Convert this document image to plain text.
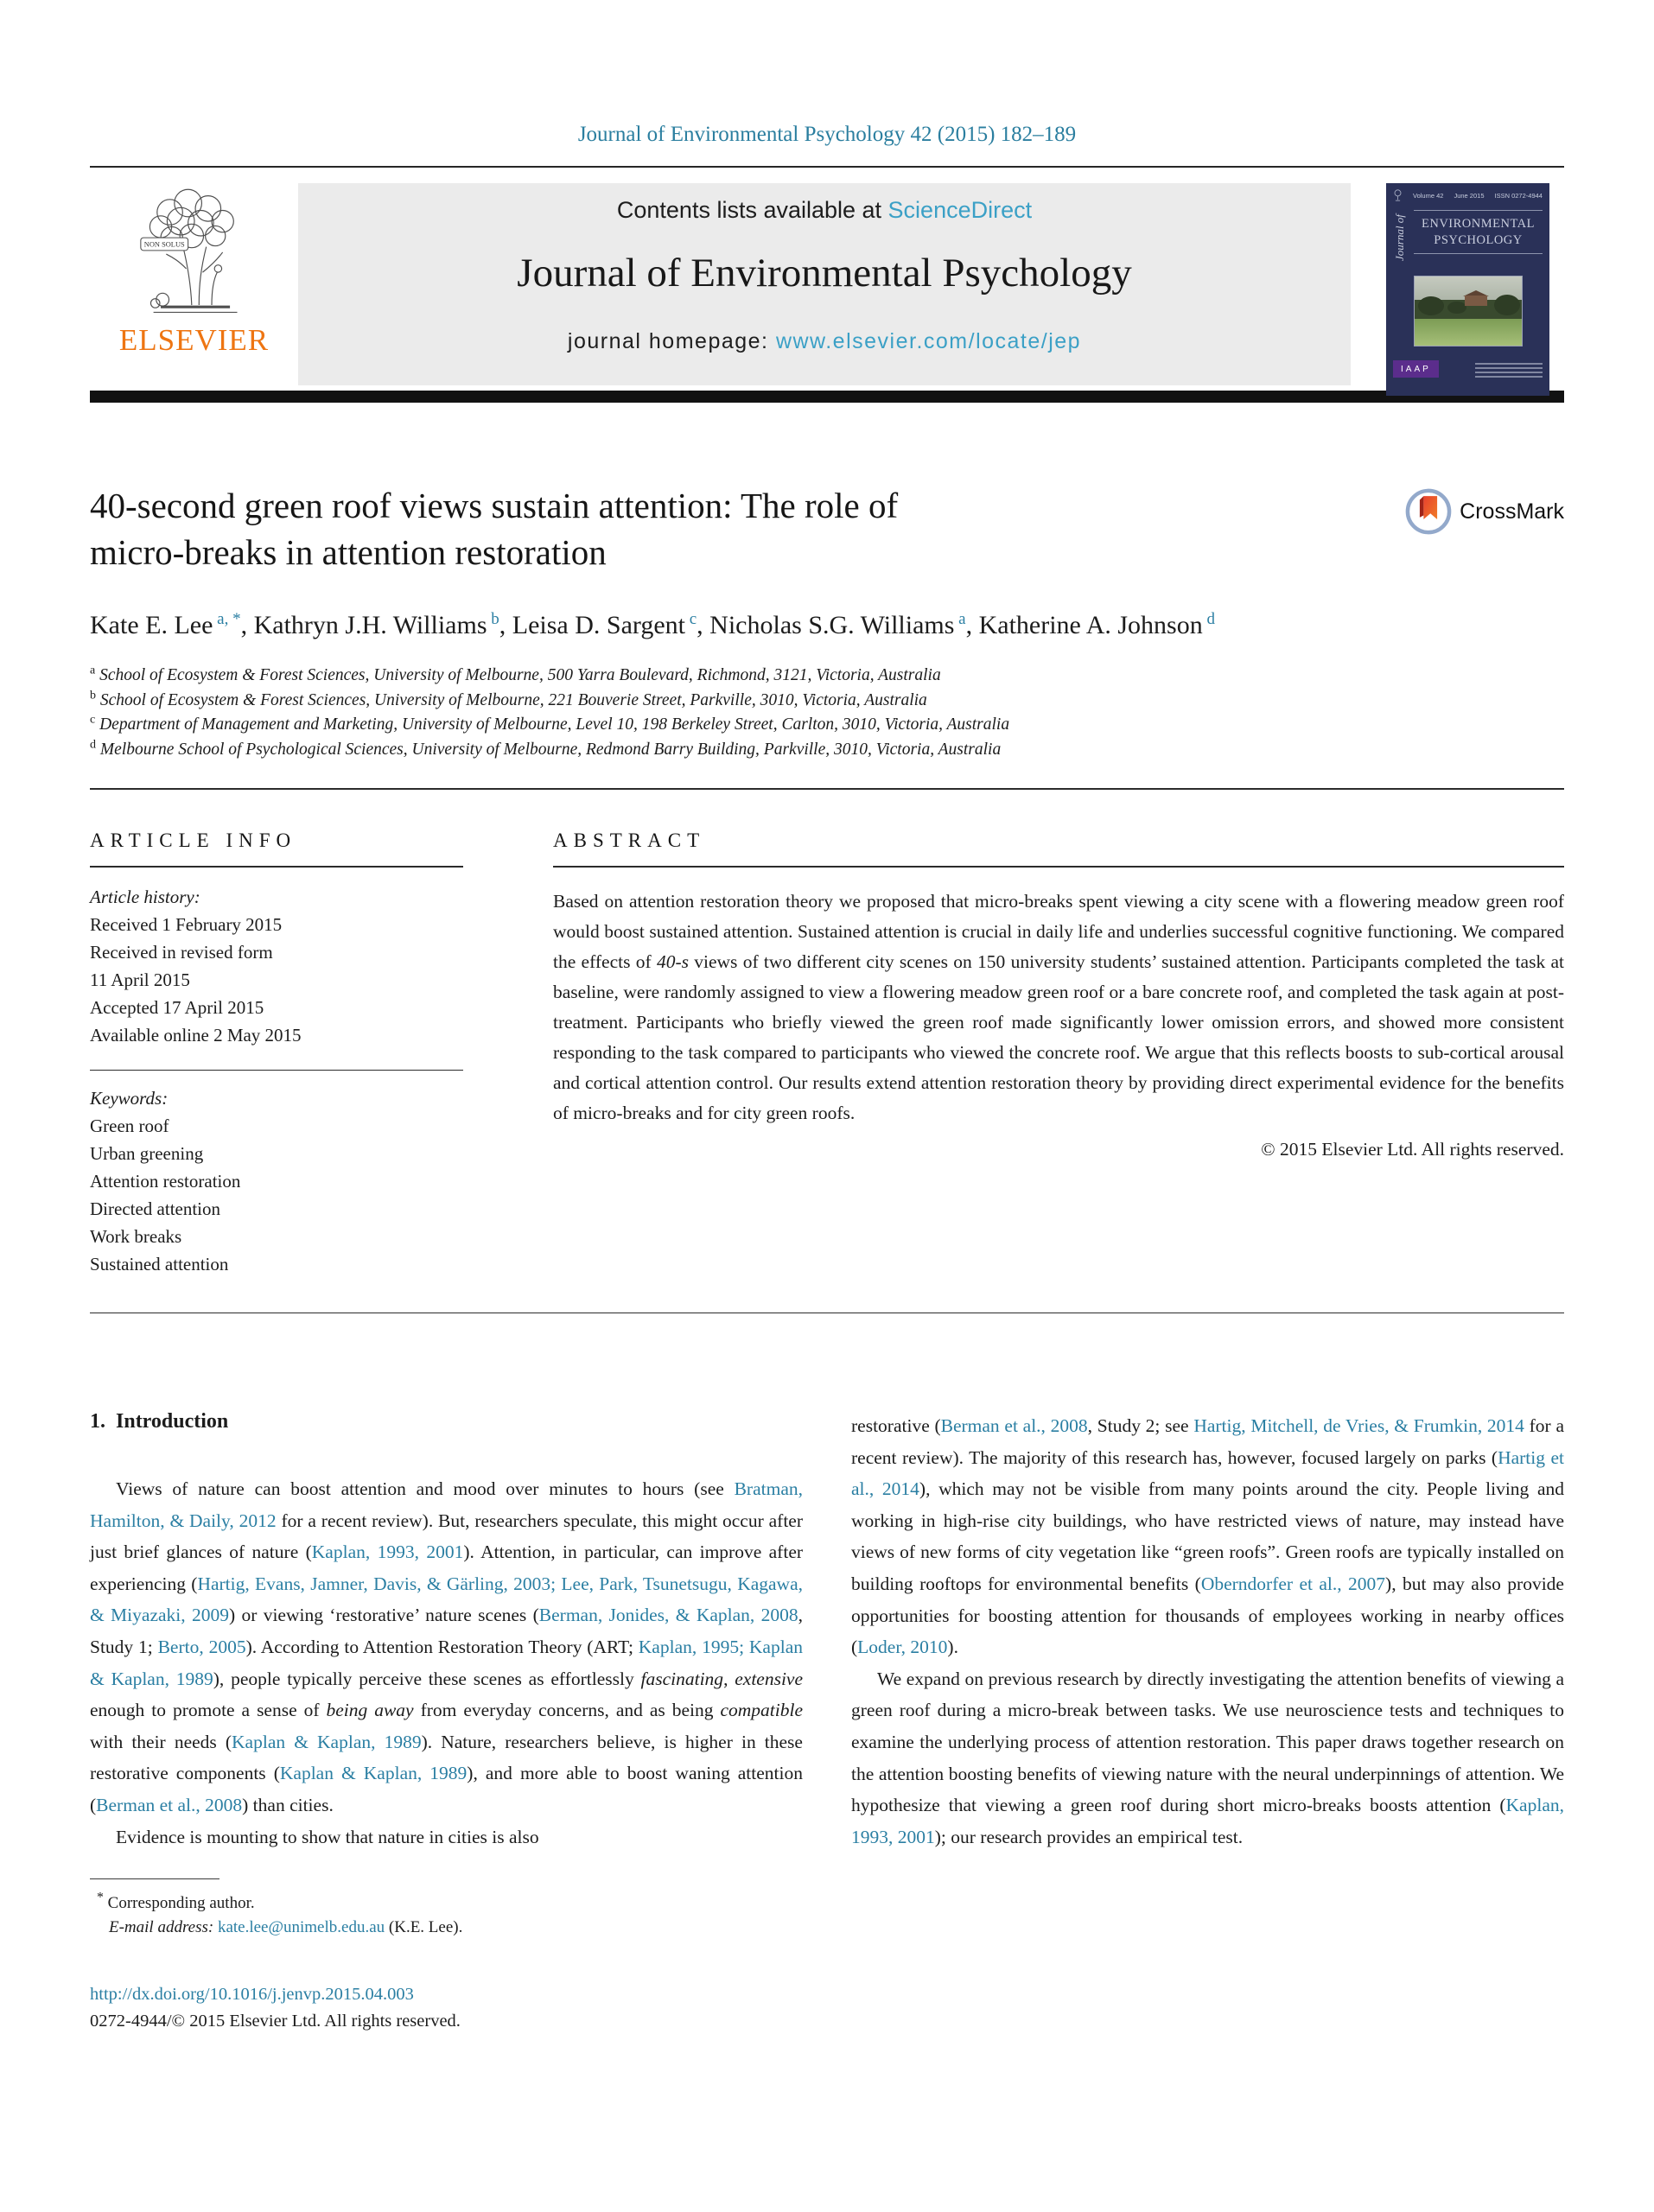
Journal of Environmental Psychology 42 (2015) 182–189
NON SOLUS
ELSEVIER
Contents lists available at ScienceDirect
Journal of Environmental Psychology
journal homepage: www.elsevier.com/locate/jep
Volume 42 June 2015 ISSN 0272-4944
Journal of	ENVIRONMENTAL
PSYCHOLOGY
IAAP
40-second green roof views sustain attention: The role of
micro-breaks in attention restoration
CrossMark
Kate E. Lee $^{a, *}$, Kathryn J.H. Williams $^b$, Leisa D. Sargent $^c$, Nicholas S.G. Williams $^a$, Katherine A. Johnson $^d$
$^a$ School of Ecosystem & Forest Sciences, University of Melbourne, 500 Yarra Boulevard, Richmond, 3121, Victoria, Australia
$^b$ School of Ecosystem & Forest Sciences, University of Melbourne, 221 Bouverie Street, Parkville, 3010, Victoria, Australia
$^c$ Department of Management and Marketing, University of Melbourne, Level 10, 198 Berkeley Street, Carlton, 3010, Victoria, Australia
$^d$ Melbourne School of Psychological Sciences, University of Melbourne, Redmond Barry Building, Parkville, 3010, Victoria, Australia
ARTICLE INFO
Article history:
Received 1 February 2015
Received in revised form
11 April 2015
Accepted 17 April 2015
Available online 2 May 2015
Keywords:
Green roof
Urban greening
Attention restoration
Directed attention
Work breaks
Sustained attention
ABSTRACT

Based on attention restoration theory we proposed that micro-breaks spent viewing a city scene with a flowering meadow green roof would boost sustained attention. Sustained attention is crucial in daily life and underlies successful cognitive functioning. We compared the effects of 40-s views of two different city scenes on 150 university students’ sustained attention. Participants completed the task at baseline, were randomly assigned to view a flowering meadow green roof or a bare concrete roof, and completed the task again at post-treatment. Participants who briefly viewed the green roof made significantly lower omission errors, and showed more consistent responding to the task compared to participants who viewed the concrete roof. We argue that this reflects boosts to sub-cortical arousal and cortical attention control. Our results extend attention restoration theory by providing direct experimental evidence for the benefits of micro-breaks and for city green roofs.

© 2015 Elsevier Ltd. All rights reserved.
1. Introduction

Views of nature can boost attention and mood over minutes to hours (see Bratman, Hamilton, & Daily, 2012 for a recent review). But, researchers speculate, this might occur after just brief glances of nature (Kaplan, 1993, 2001). Attention, in particular, can improve after experiencing (Hartig, Evans, Jamner, Davis, & Gärling, 2003; Lee, Park, Tsunetsugu, Kagawa, & Miyazaki, 2009) or viewing ‘restorative’ nature scenes (Berman, Jonides, & Kaplan, 2008, Study 1; Berto, 2005). According to Attention Restoration Theory (ART; Kaplan, 1995; Kaplan & Kaplan, 1989), people typically perceive these scenes as effortlessly fascinating, extensive enough to promote a sense of being away from everyday concerns, and as being compatible with their needs (Kaplan & Kaplan, 1989). Nature, researchers believe, is higher in these restorative components (Kaplan & Kaplan, 1989), and more able to boost waning attention (Berman et al., 2008) than cities.

Evidence is mounting to show that nature in cities is also

* Corresponding author.
E-mail address: kate.lee@unimelb.edu.au (K.E. Lee).

restorative (Berman et al., 2008, Study 2; see Hartig, Mitchell, de Vries, & Frumkin, 2014 for a recent review). The majority of this research has, however, focused largely on parks (Hartig et al., 2014), which may not be visible from many points around the city. People living and working in high-rise city buildings, who have restricted views of nature, may instead have views of new forms of city vegetation like “green roofs”. Green roofs are typically installed on building rooftops for environmental benefits (Oberndorfer et al., 2007), but may also provide opportunities for boosting attention for thousands of employees working in nearby offices (Loder, 2010).

We expand on previous research by directly investigating the attention benefits of viewing a green roof during a micro-break between tasks. We use neuroscience tests and techniques to examine the underlying process of attention restoration. This paper draws together research on the attention boosting benefits of viewing nature with the neural underpinnings of attention. We hypothesize that viewing a green roof during short micro-breaks boosts attention (Kaplan, 1993, 2001); our research provides an empirical test.

http://dx.doi.org/10.1016/j.jenvp.2015.04.003
0272-4944/© 2015 Elsevier Ltd. All rights reserved.
